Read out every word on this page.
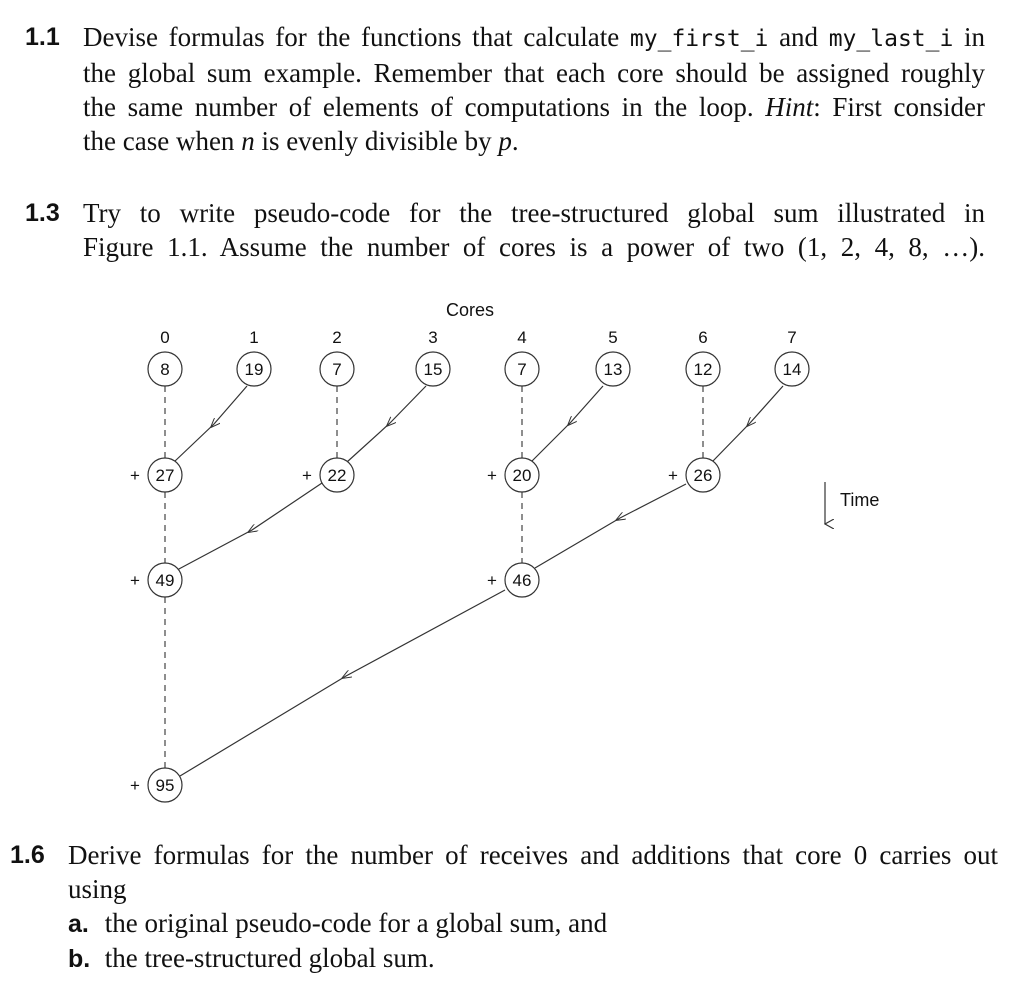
1.1 Devise formulas for the functions that calculate my_first_i and my_last_i in
the global sum example. Remember that each core should be assigned roughly
the same number of elements of computations in the loop. Hint: First consider
the case when n is evenly divisible by p.
1.3 Try to write pseudo-code for the tree-structured global sum illustrated in
Figure 1.1. Assume the number of cores is a power of two (1, 2, 4, 8, …).
Cores
Time
0	1	2	3	4	5	6	7
8	19	7	15	7	13	12	14
27
+	22
+	20
+	26
+
49
+	46
+
95
+
1.6 Derive formulas for the number of receives and additions that core 0 carries out
using
a. the original pseudo-code for a global sum, and
b. the tree-structured global sum.
